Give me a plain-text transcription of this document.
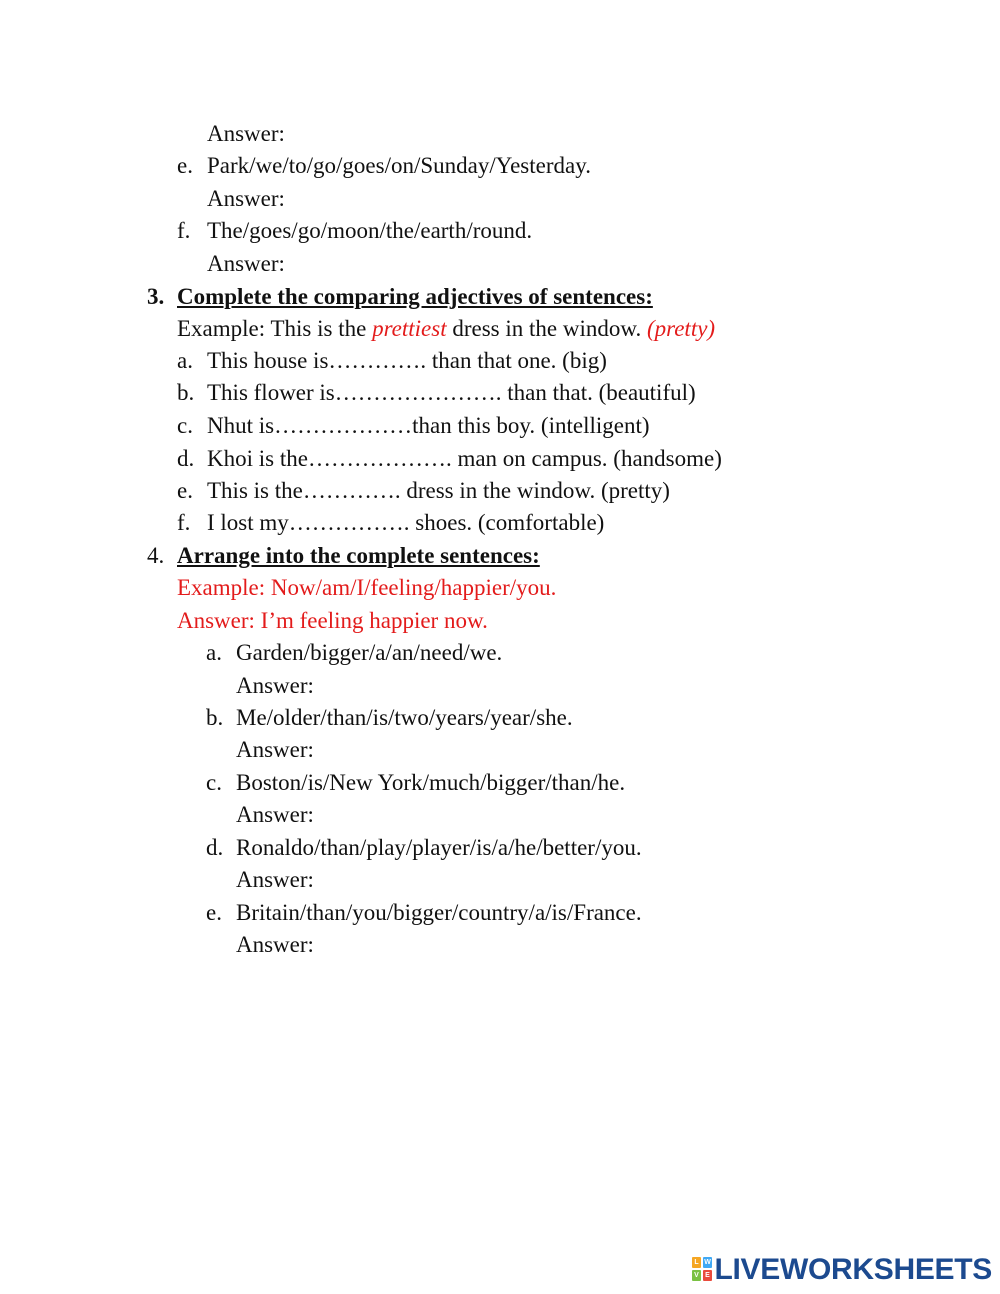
Answer:
e. Park/we/to/go/goes/on/Sunday/Yesterday.
Answer:
f. The/goes/go/moon/the/earth/round.
Answer:
3. Complete the comparing adjectives of sentences:
Example: This is the prettiest dress in the window. (pretty)
a. This house is…………. than that one. (big)
b. This flower is…………………. than that. (beautiful)
c. Nhut is………………than this boy. (intelligent)
d. Khoi is the………………. man on campus. (handsome)
e. This is the…………. dress in the window. (pretty)
f. I lost my……………. shoes. (comfortable)
4. Arrange into the complete sentences:
Example: Now/am/I/feeling/happier/you.
Answer: I’m feeling happier now.
a. Garden/bigger/a/an/need/we.
Answer:
b. Me/older/than/is/two/years/year/she.
Answer:
c. Boston/is/New York/much/bigger/than/he.
Answer:
d. Ronaldo/than/play/player/is/a/he/better/you.
Answer:
e. Britain/than/you/bigger/country/a/is/France.
Answer:
L W
V E LIVEWORKSHEETS
